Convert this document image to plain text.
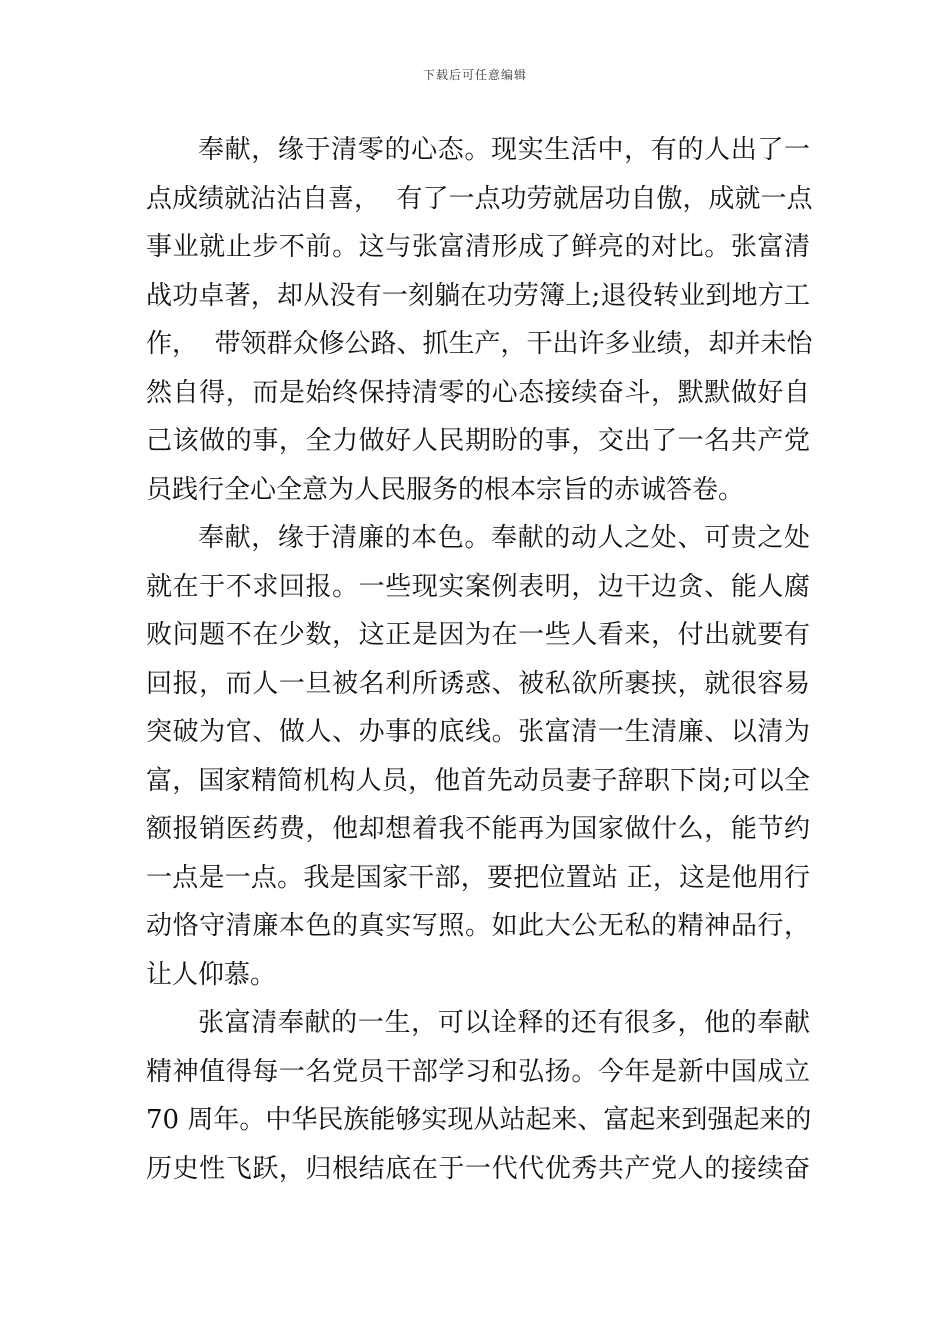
下载后可任意编辑
奉献，缘于清零的心态。现实生活中，有的人出了一
点成绩就沾沾自喜，  有了一点功劳就居功自傲，成就一点
事业就止步不前。这与张富清形成了鲜亮的对比。张富清
战功卓著，却从没有一刻躺在功劳簿上;退役转业到地方工
作，  带领群众修公路、抓生产，干出许多业绩，却并未怡
然自得，而是始终保持清零的心态接续奋斗，默默做好自
己该做的事，全力做好人民期盼的事，交出了一名共产党
员践行全心全意为人民服务的根本宗旨的赤诚答卷。
奉献，缘于清廉的本色。奉献的动人之处、可贵之处
就在于不求回报。一些现实案例表明，边干边贪、能人腐
败问题不在少数，这正是因为在一些人看来，付出就要有
回报，而人一旦被名利所诱惑、被私欲所裹挟，就很容易
突破为官、做人、办事的底线。张富清一生清廉、以清为
富，国家精简机构人员，他首先动员妻子辞职下岗;可以全
额报销医药费，他却想着我不能再为国家做什么，能节约
一点是一点。我是国家干部，要把位置站 正，这是他用行
动恪守清廉本色的真实写照。如此大公无私的精神品行，
让人仰慕。
张富清奉献的一生，可以诠释的还有很多，他的奉献
精神值得每一名党员干部学习和弘扬。今年是新中国成立
70 周年。中华民族能够实现从站起来、富起来到强起来的
历史性飞跃，归根结底在于一代代优秀共产党人的接续奋
